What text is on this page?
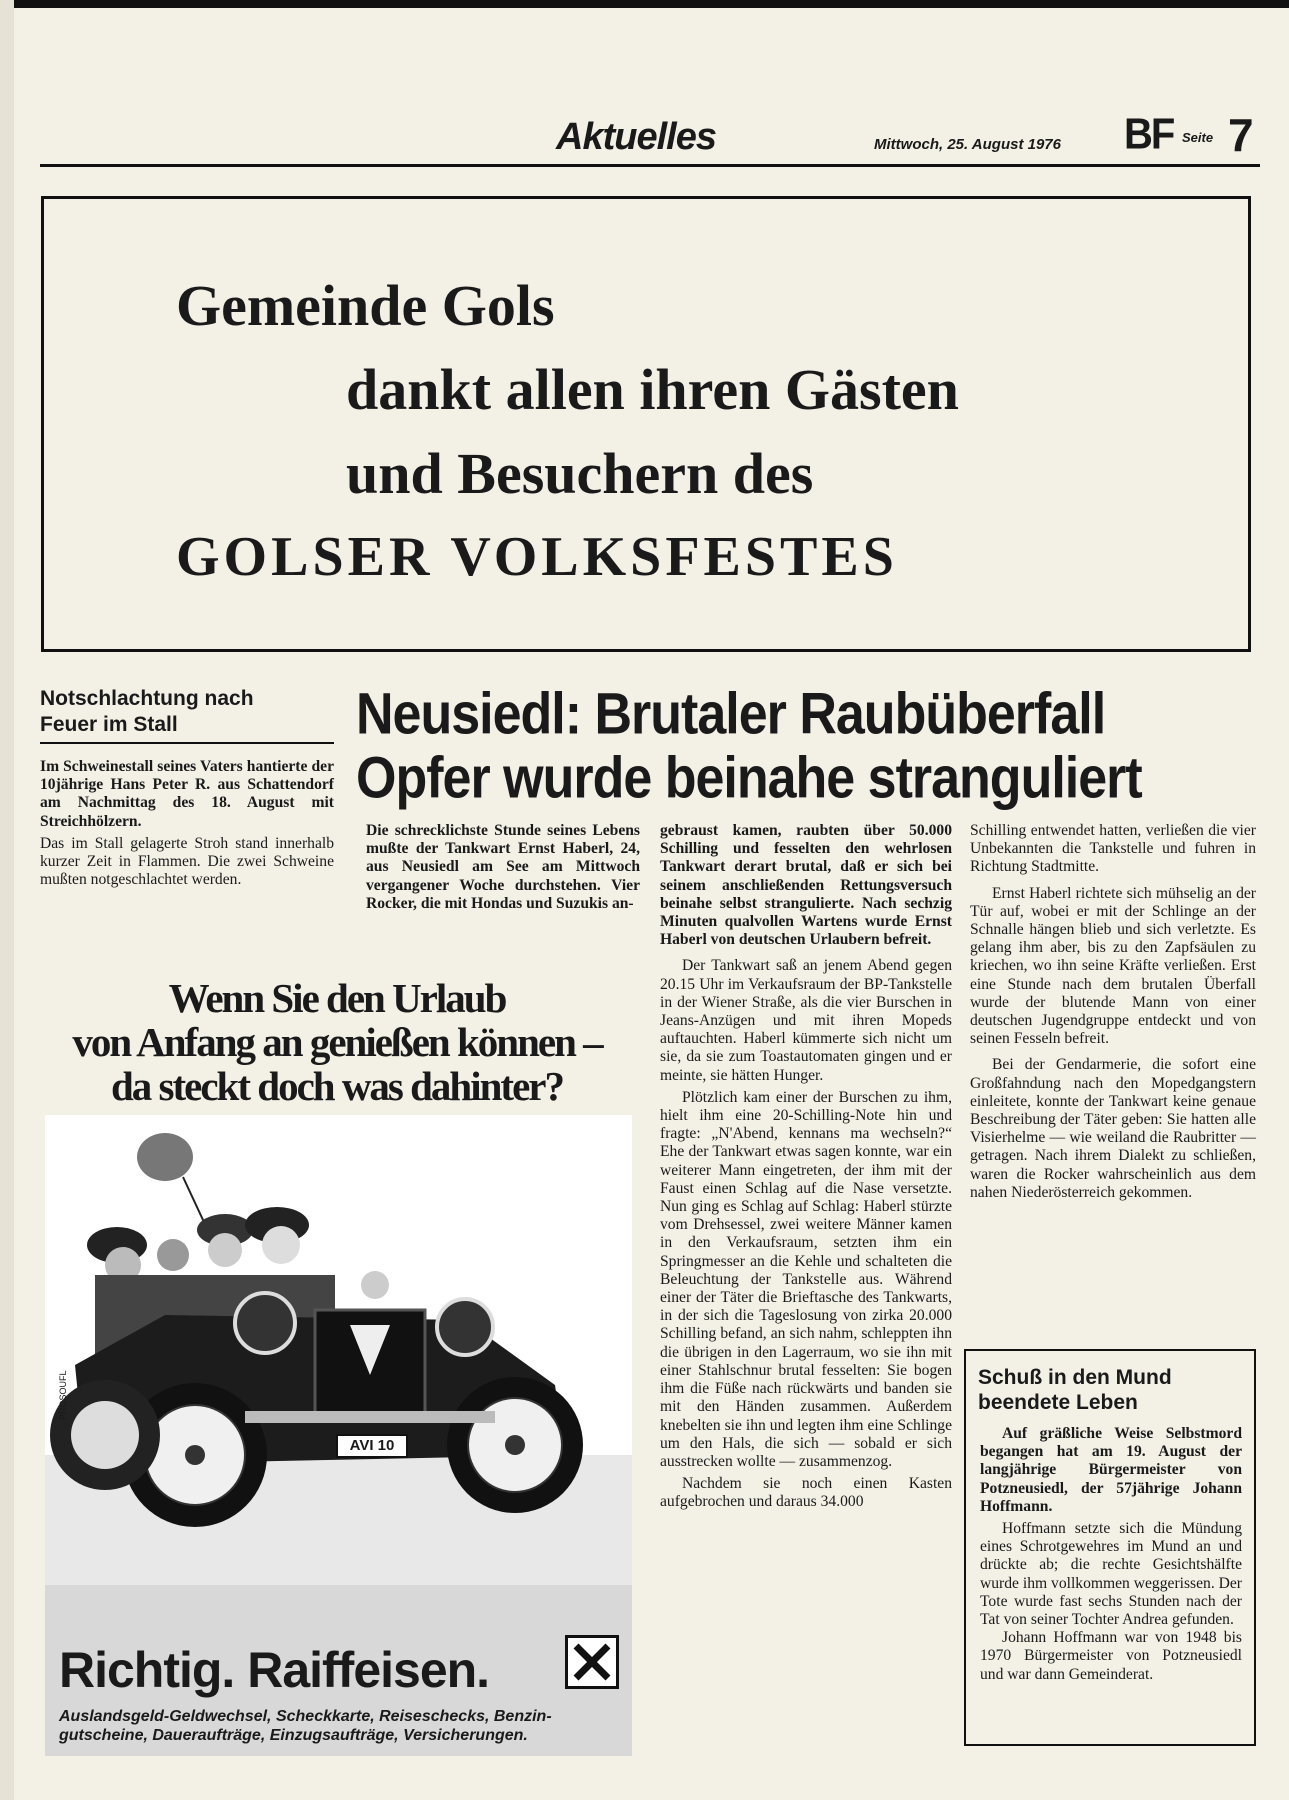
Aktuelles	Mittwoch, 25. August 1976 BF Seite 7
Gemeinde Gols
dankt allen ihren Gästen
und Besuchern des
GOLSER VOLKSFESTES
Notschlachtung nach
Feuer im Stall

Im Schweinestall seines Vaters hantierte der 10jährige Hans Peter R. aus Schattendorf am Nachmittag des 18. August mit Streichhölzern.

Das im Stall gelagerte Stroh stand innerhalb kurzer Zeit in Flammen. Die zwei Schweine mußten notgeschlachtet werden.

Neusiedl: Brutaler Raubüberfall
Opfer wurde beinahe stranguliert
Die schrecklichste Stunde seines Lebens mußte der Tankwart Ernst Haberl, 24, aus Neusiedl am See am Mittwoch vergangener Woche durchstehen. Vier Rocker, die mit Hondas und Suzukis an-

gebraust kamen, raubten über 50.000 Schilling und fesselten den wehrlosen Tankwart derart brutal, daß er sich bei seinem anschließenden Rettungsversuch beinahe selbst stranguliertе. Nach sechzig Minuten qualvollen Wartens wurde Ernst Haberl von deutschen Urlaubern befreit.

Der Tankwart saß an jenem Abend gegen 20.15 Uhr im Verkaufsraum der BP-Tankstelle in der Wiener Straße, als die vier Burschen in Jeans-Anzügen und mit ihren Mopeds auftauchten. Haberl kümmerte sich nicht um sie, da sie zum Toastautomaten gingen und er meinte, sie hätten Hunger.

Plötzlich kam einer der Burschen zu ihm, hielt ihm eine 20-Schilling-Note hin und fragte: „N'Abend, kennans ma wechseln?“ Ehe der Tankwart etwas sagen konnte, war ein weiterer Mann eingetreten, der ihm mit der Faust einen Schlag auf die Nase versetzte. Nun ging es Schlag auf Schlag: Haberl stürzte vom Drehsessel, zwei weitere Männer kamen in den Verkaufsraum, setzten ihm ein Springmesser an die Kehle und schalteten die Beleuchtung der Tankstelle aus. Während einer der Täter die Brieftasche des Tankwarts, in der sich die Tageslosung von zirka 20.000 Schilling befand, an sich nahm, schleppten ihn die übrigen in den Lagerraum, wo sie ihn mit einer Stahlschnur brutal fesselten: Sie bogen ihm die Füße nach rückwärts und banden sie mit den Händen zusammen. Außerdem knebelten sie ihn und legten ihm eine Schlinge um den Hals, die sich — sobald er sich ausstrecken wollte — zusammenzog.

Nachdem sie noch einen Kasten aufgebrochen und daraus 34.000

Schilling entwendet hatten, verließen die vier Unbekannten die Tankstelle und fuhren in Richtung Stadtmitte.

Ernst Haberl richtete sich mühselig an der Tür auf, wobei er mit der Schlinge an der Schnalle hängen blieb und sich verletzte. Es gelang ihm aber, bis zu den Zapfsäulen zu kriechen, wo ihn seine Kräfte verließen. Erst eine Stunde nach dem brutalen Überfall wurde der blutende Mann von einer deutschen Jugendgruppe entdeckt und von seinen Fesseln befreit.

Bei der Gendarmerie, die sofort eine Großfahndung nach den Mopedgangstern einleitete, konnte der Tankwart keine genaue Beschreibung der Täter geben: Sie hatten alle Visierhelme — wie weiland die Raubritter — getragen. Nach ihrem Dialekt zu schließen, waren die Rocker wahrscheinlich aus dem nahen Niederösterreich gekommen.

Wenn Sie den Urlaub
von Anfang an genießen können –
da steckt doch was dahinter?
AVI 10
PROSOUFL
Richtig. Raiffeisen.
Auslandsgeld-Geldwechsel, Scheckkarte, Reiseschecks, Benzin-
gutscheine, Daueraufträge, Einzugsaufträge, Versicherungen.
Schuß in den Mund
beendete Leben

Auf gräßliche Weise Selbstmord begangen hat am 19. August der langjährige Bürgermeister von Potzneusiedl, der 57jährige Johann Hoffmann.

Hoffmann setzte sich die Mündung eines Schrotgewehres im Mund an und drückte ab; die rechte Gesichtshälfte wurde ihm vollkommen weggerissen. Der Tote wurde fast sechs Stunden nach der Tat von seiner Tochter Andrea gefunden.

Johann Hoffmann war von 1948 bis 1970 Bürgermeister von Potzneusiedl und war dann Gemeinderat.
